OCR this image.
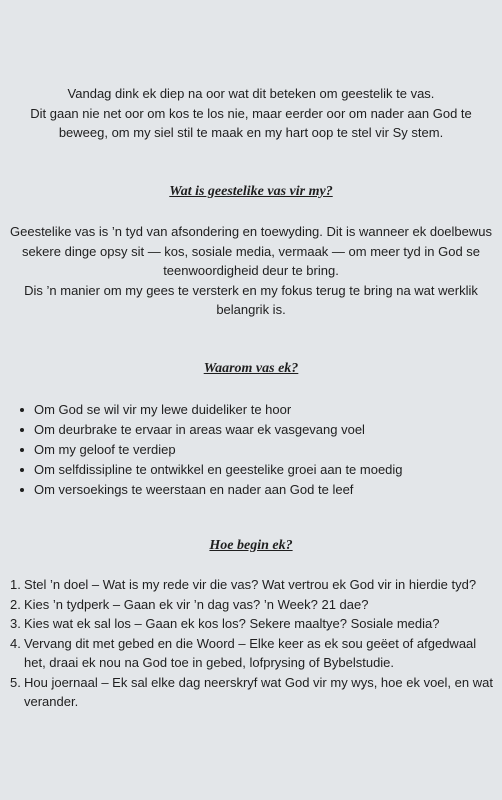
Vandag dink ek diep na oor wat dit beteken om geestelik te vas.
Dit gaan nie net oor om kos te los nie, maar eerder oor om nader aan God te beweeg, om my siel stil te maak en my hart oop te stel vir Sy stem.
Wat is geestelike vas vir my?
Geestelike vas is ’n tyd van afsondering en toewyding. Dit is wanneer ek doelbewus sekere dinge opsy sit — kos, sosiale media, vermaak — om meer tyd in God se teenwoordigheid deur te bring.
Dis ’n manier om my gees te versterk en my fokus terug te bring na wat werklik belangrik is.
Waarom vas ek?
Om God se wil vir my lewe duideliker te hoor
Om deurbrake te ervaar in areas waar ek vasgevang voel
Om my geloof te verdiep
Om selfdissipline te ontwikkel en geestelike groei aan te moedig
Om versoekings te weerstaan en nader aan God te leef
Hoe begin ek?
1. Stel ’n doel – Wat is my rede vir die vas? Wat vertrou ek God vir in hierdie tyd?
2. Kies ’n tydperk – Gaan ek vir ’n dag vas? ’n Week? 21 dae?
3. Kies wat ek sal los – Gaan ek kos los? Sekere maaltye? Sosiale media?
4. Vervang dit met gebed en die Woord – Elke keer as ek sou geëet of afgedwaal het, draai ek nou na God toe in gebed, lofprysing of Bybelstudie.
5. Hou joernaal – Ek sal elke dag neerskryf wat God vir my wys, hoe ek voel, en wat verander.
